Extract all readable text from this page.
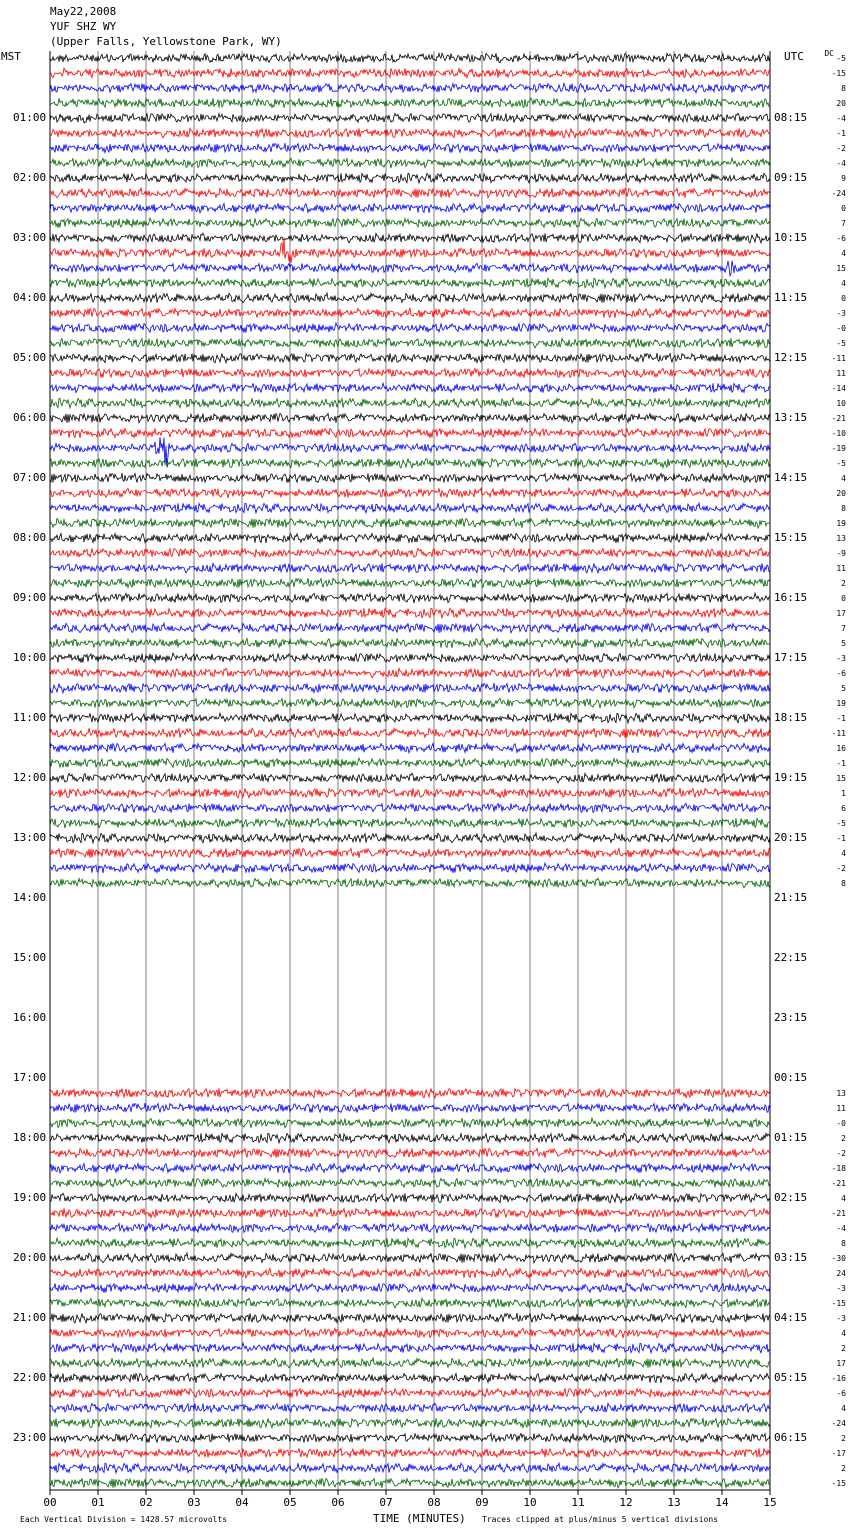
May22,2008
YUF SHZ WY
(Upper Falls, Yellowstone Park, WY)
MST	UTC	DC
00	01	02	03	04	05	06	07	08	09	10	11	12	13	14	15
01:00	08:15
02:00	09:15
03:00	10:15
04:00	11:15
05:00	12:15
06:00	13:15
07:00	14:15
08:00	15:15
09:00	16:15
10:00	17:15
11:00	18:15
12:00	19:15
13:00	20:15
14:00	21:15
15:00	22:15
16:00	23:15
17:00	00:15
18:00	01:15
19:00	02:15
20:00	03:15
21:00	04:15
22:00	05:15
23:00	06:15
-5
-15
8
20
-4
-1
-2
-4
9
-24
0
7
-6
4
15
4
0
-3
-0
-5
-11
11
-14
10
-21
-10
-19
-5
4
20
8
19
13
-9
11
2
0
17
7
5
-3
-6
5
19
-1
-11
16
-1
15
1
6
-5
-1
4
-2
8
13
11
-0
2
-2
-18
-21
4
-21
-4
8
-30
24
-3
-15
-3
4
2
17
-16
-6
4
-24
2
-17
2
-15
Each Vertical Division = 1428.57 microvolts	TIME (MINUTES) Traces clipped at plus/minus 5 vertical divisions
